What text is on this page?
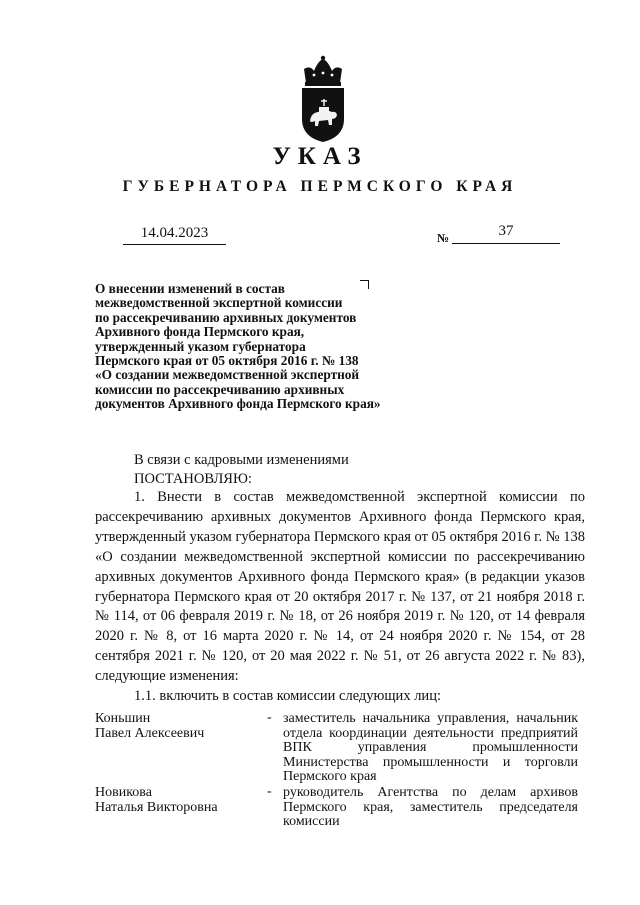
УКАЗ
ГУБЕРНАТОРА ПЕРМСКОГО КРАЯ
14.04.2023	№	37
О внесении изменений в состав
межведомственной экспертной комиссии
по рассекречиванию архивных документов
Архивного фонда Пермского края,
утвержденный указом губернатора
Пермского края от 05 октября 2016 г. № 138
«О создании межведомственной экспертной
комиссии по рассекречиванию архивных
документов Архивного фонда Пермского края»
В связи с кадровыми изменениями
ПОСТАНОВЛЯЮ:
1. Внести в состав межведомственной экспертной комиссии по рассекречиванию архивных документов Архивного фонда Пермского края, утвержденный указом губернатора Пермского края от 05 октября 2016 г. № 138 «О создании межведомственной экспертной комиссии по рассекречиванию архивных документов Архивного фонда Пермского края» (в редакции указов губернатора Пермского края от 20 октября 2017 г. № 137, от 21 ноября 2018 г. № 114, от 06 февраля 2019 г. № 18, от 26 ноября 2019 г. № 120, от 14 февраля 2020 г. № 8, от 16 марта 2020 г. № 14, от 24 ноября 2020 г. № 154, от 28 сентября 2021 г. № 120, от 20 мая 2022 г. № 51, от 26 августа 2022 г. № 83), следующие изменения:
1.1. включить в состав комиссии следующих лиц:
Коньшин
Павел Алексеевич
- заместитель начальника управления, начальник отдела координации деятельности предприятий ВПК управления промышленности Министерства промышленности и торговли Пермского края
Новикова
Наталья Викторовна
- руководитель Агентства по делам архивов Пермского края, заместитель председателя комиссии
